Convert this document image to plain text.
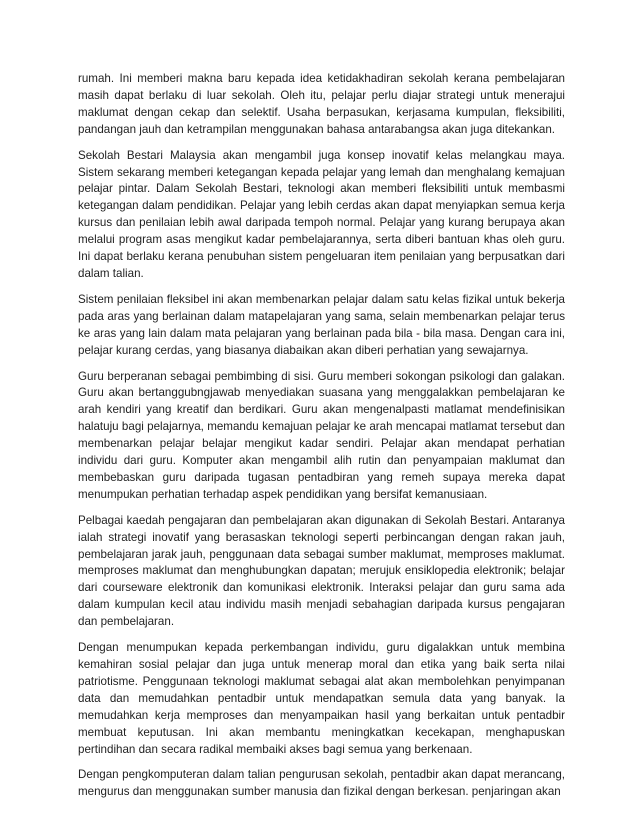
rumah. Ini memberi makna baru kepada idea ketidakhadiran sekolah kerana pembelajaran masih dapat berlaku di luar sekolah. Oleh itu, pelajar perlu diajar strategi untuk menerajui maklumat dengan cekap dan selektif. Usaha berpasukan, kerjasama kumpulan, fleksibiliti, pandangan jauh dan ketrampilan menggunakan bahasa antarabangsa akan juga ditekankan.

Sekolah Bestari Malaysia akan mengambil juga konsep inovatif kelas melangkau maya. Sistem sekarang memberi ketegangan kepada pelajar yang lemah dan menghalang kemajuan pelajar pintar. Dalam Sekolah Bestari, teknologi akan memberi fleksibiliti untuk membasmi ketegangan dalam pendidikan. Pelajar yang lebih cerdas akan dapat menyiapkan semua kerja kursus dan penilaian lebih awal daripada tempoh normal. Pelajar yang kurang berupaya akan melalui program asas mengikut kadar pembelajarannya, serta diberi bantuan khas oleh guru. Ini dapat berlaku kerana penubuhan sistem pengeluaran item penilaian yang berpusatkan dari dalam talian.

Sistem penilaian fleksibel ini akan membenarkan pelajar dalam satu kelas fizikal untuk bekerja pada aras yang berlainan dalam matapelajaran yang sama, selain membenarkan pelajar terus ke aras yang lain dalam mata pelajaran yang berlainan pada bila - bila masa. Dengan cara ini, pelajar kurang cerdas, yang biasanya diabaikan akan diberi perhatian yang sewajarnya.

Guru berperanan sebagai pembimbing di sisi. Guru memberi sokongan psikologi dan galakan. Guru akan bertanggubngjawab menyediakan suasana yang menggalakkan pembelajaran ke arah kendiri yang kreatif dan berdikari. Guru akan mengenalpasti matlamat mendefinisikan halatuju bagi pelajarnya, memandu kemajuan pelajar ke arah mencapai matlamat tersebut dan membenarkan pelajar belajar mengikut kadar sendiri. Pelajar akan mendapat perhatian individu dari guru. Komputer akan mengambil alih rutin dan penyampaian maklumat dan membebaskan guru daripada tugasan pentadbiran yang remeh supaya mereka dapat menumpukan perhatian terhadap aspek pendidikan yang bersifat kemanusiaan.

Pelbagai kaedah pengajaran dan pembelajaran akan digunakan di Sekolah Bestari. Antaranya ialah strategi inovatif yang berasaskan teknologi seperti perbincangan dengan rakan jauh, pembelajaran jarak jauh, penggunaan data sebagai sumber maklumat, memproses maklumat. memproses maklumat dan menghubungkan dapatan; merujuk ensiklopedia elektronik; belajar dari courseware elektronik dan komunikasi elektronik. Interaksi pelajar dan guru sama ada dalam kumpulan kecil atau individu masih menjadi sebahagian daripada kursus pengajaran dan pembelajaran.

Dengan menumpukan kepada perkembangan individu, guru digalakkan untuk membina kemahiran sosial pelajar dan juga untuk menerap moral dan etika yang baik serta nilai patriotisme. Penggunaan teknologi maklumat sebagai alat akan membolehkan penyimpanan data dan memudahkan pentadbir untuk mendapatkan semula data yang banyak. Ia memudahkan kerja memproses dan menyampaikan hasil yang berkaitan untuk pentadbir membuat keputusan. Ini akan membantu meningkatkan kecekapan, menghapuskan pertindihan dan secara radikal membaiki akses bagi semua yang berkenaan.

Dengan pengkomputeran dalam talian pengurusan sekolah, pentadbir akan dapat merancang, mengurus dan menggunakan sumber manusia dan fizikal dengan berkesan. penjaringan akan
